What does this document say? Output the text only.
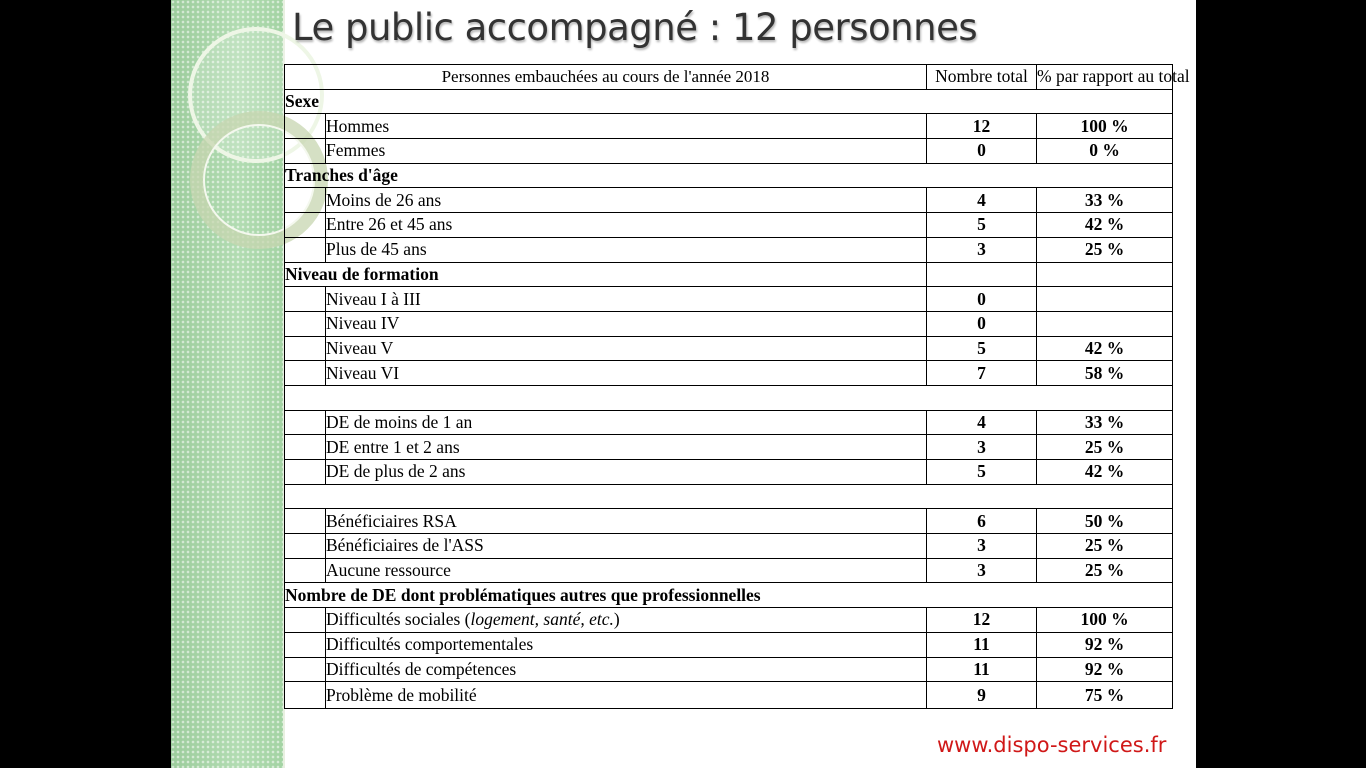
Le public accompagné : 12 personnes
Personnes embauchées au cours de l'année 2018		Nombre total	% par rapport au total
Sexe			
	Hommes	12	100 %
	Femmes	0	0 %
Tranches d'âge			
	Moins de 26 ans	4	33 %
	Entre 26 et 45 ans	5	42 %
	Plus de 45 ans	3	25 %
Niveau de formation			
	Niveau I à III	0	
	Niveau IV	0	
	Niveau V	5	42 %
	Niveau VI	7	58 %

	DE de moins de 1 an	4	33 %
	DE entre 1 et 2 ans	3	25 %
	DE de plus de 2 ans	5	42 %

	Bénéficiaires RSA	6	50 %
	Bénéficiaires de l'ASS	3	25 %
	Aucune ressource	3	25 %
Nombre de DE dont problématiques autres que professionnelles			
	Difficultés sociales (logement, santé, etc.)	12	100 %
	Difficultés comportementales	11	92 %
	Difficultés de compétences	11	92 %
	Problème de mobilité	9	75 %
www.dispo-services.fr
